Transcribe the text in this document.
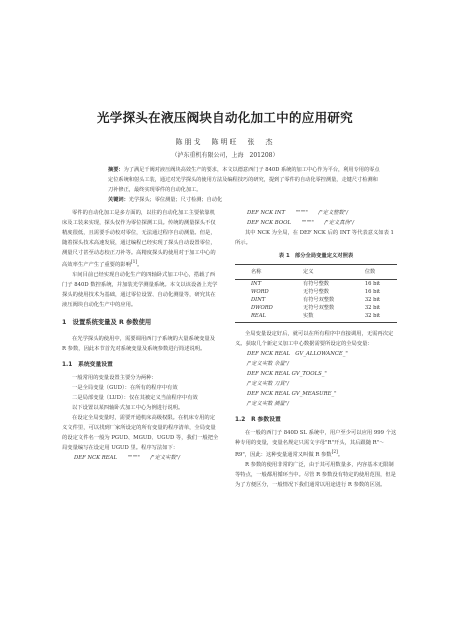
光学探头在液压阀块自动化加工中的应用研究
陈朋戈　陈明旺　张　杰
（泸东重机有限公司，上海　201208）

摘要：为了满足千阀对液压阀块高效生产的要求，本文以德意西门子 840D 系统的加工中心作为平台，利用专用的零点定位系统和射头工装，通过对光学探头的使用方法及编程技巧的研究，提到了零件的自动化零控测量，走键尺寸检测和刀补修正，最终实现零件的自动化加工。

关键词：光学探头；零位测量；尺寸检测；自动化

零件的自动化加工是多方面的，以往的自动化加工主要依靠机床及工装来实现，探头仅作为零位探测工具。传统的测量探头不仅精度很低，且需要手动校对零位，无法通过程序自动测量。但是，随着探头技术高速发展，通过编程已经实现了探头自动设置零位，测量尺寸甚至动态校正刀补等。高精度探头的使用对于加工中心的高效率生产产生了重要的影响[1]。

车间目前已经实现自动化生产的四轴卧式加工中心，搭载了西门子 840D 数控系统，并加装光学测量系统。本文以该设备上光学探头的使用技术为基础，通过零位设置、自动化测量等，研究其在液压阀块自动化生产中的应用。

1　设置系统变量及 R 参数使用

在光学探头的使用中，需要调用西门子系统的大量系统变量及 R 参数，因此本节首先对系统变量及系统参数进行简述说明。

1.1　系统变量设置

一般常用的变量设置主要分为两种：

一是全局变量（GUD）：在所有的程序中有效

二是局部变量（LUD）：仅在其被定义当前程序中有效

以下设置以某四轴卧式加工中心为例进行说明。

在设定全局变量时，需要开通机床高级权限。在机床专用的定义文件里，可以找到厂家所设定的所有变量的程序清单，全局变量的设定文件名一般为 PGUD、MGUD、UGUD 等，我们一般把全局变量编写在设定用 UGUD 里。程序写法如下：

DEF NCK REAL　　"""""　　/"定义实数"/

DEF NCK INT　　"""""　　/"定义整数"/

DEF NCK BOOL　　"""""　　/"定义真伪"/

其中 NCK 为全局，在 DEF NCK 后的 INT 等代表意义如表 1 所示。

表 1　部分全局变量定义对照表
名称	定义	位数
INT	有符号整数	16 bit
WORD	无符号整数	16 bit
DINT	有符号双整数	32 bit
DWORD	无符号双整数	32 bit
REAL	实数	32 bit

全局变量设定好后，就可以在所有程序中直接调用，无需再次定义。获取几个新定义加工中心数据需要所设定的全局变量：

DEF NCK REAL　GV_ALLOWANCE_"

/"定义实数 余量"/

DEF NCK REAL GV_TOOLS_"

/"定义实数 刀具"/

DEF NCK REAL GV_MEASURE_"

/"定义实数 测量"/

1.2　R 参数设置

在一般的西门子 840D SL 系统中，用户至少可以应用 999 个这种专用的变量，变量名规定只需文字母"R"开头，其后跟随 R"～R9"，因此：这种变量通常又叫做 R 参数[2]。

R 参数的使用非常的广泛，由于其可用数量多，内容基本无限制等特点，一般都用循环当中。尽管 R 参数没有特定的使用范围，但是为了方便区分，一般情况下我们通常以用途进行 R 参数的区别。
